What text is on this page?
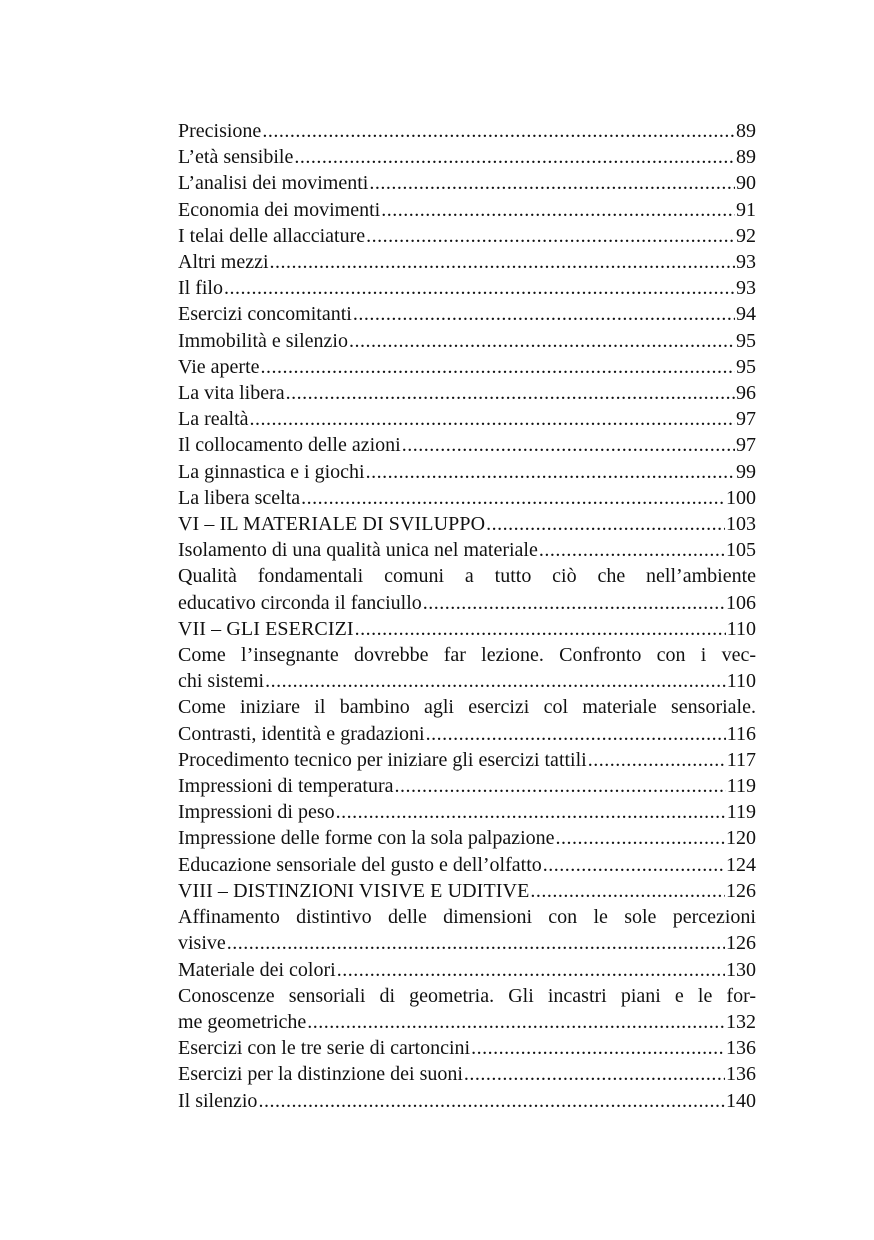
Precisione .....	89
L’età sensibile .....	89
L’analisi dei movimenti .....	90
Economia dei movimenti .....	91
I telai delle allacciature .....	92
Altri mezzi .....	93
Il filo .....	93
Esercizi concomitanti .....	94
Immobilità e silenzio .....	95
Vie aperte .....	95
La vita libera .....	96
La realtà .....	97
Il collocamento delle azioni .....	97
La ginnastica e i giochi .....	99
La libera scelta .....	100
VI – IL MATERIALE DI SVILUPPO .....	103
Isolamento di una qualità unica nel materiale .....	105
Qualità fondamentali comuni a tutto ciò che nell’ambiente
educativo circonda il fanciullo .....	106
VII – GLI ESERCIZI .....	110
Come l’insegnante dovrebbe far lezione. Confronto con i vec-
chi sistemi .....	110
Come iniziare il bambino agli esercizi col materiale sensoriale.
Contrasti, identità e gradazioni .....	116
Procedimento tecnico per iniziare gli esercizi tattili .....	117
Impressioni di temperatura .....	119
Impressioni di peso .....	119
Impressione delle forme con la sola palpazione .....	120
Educazione sensoriale del gusto e dell’olfatto .....	124
VIII – DISTINZIONI VISIVE E UDITIVE .....	126
Affinamento distintivo delle dimensioni con le sole percezioni
visive .....	126
Materiale dei colori .....	130
Conoscenze sensoriali di geometria. Gli incastri piani e le for-
me geometriche .....	132
Esercizi con le tre serie di cartoncini .....	136
Esercizi per la distinzione dei suoni .....	136
Il silenzio .....	140
